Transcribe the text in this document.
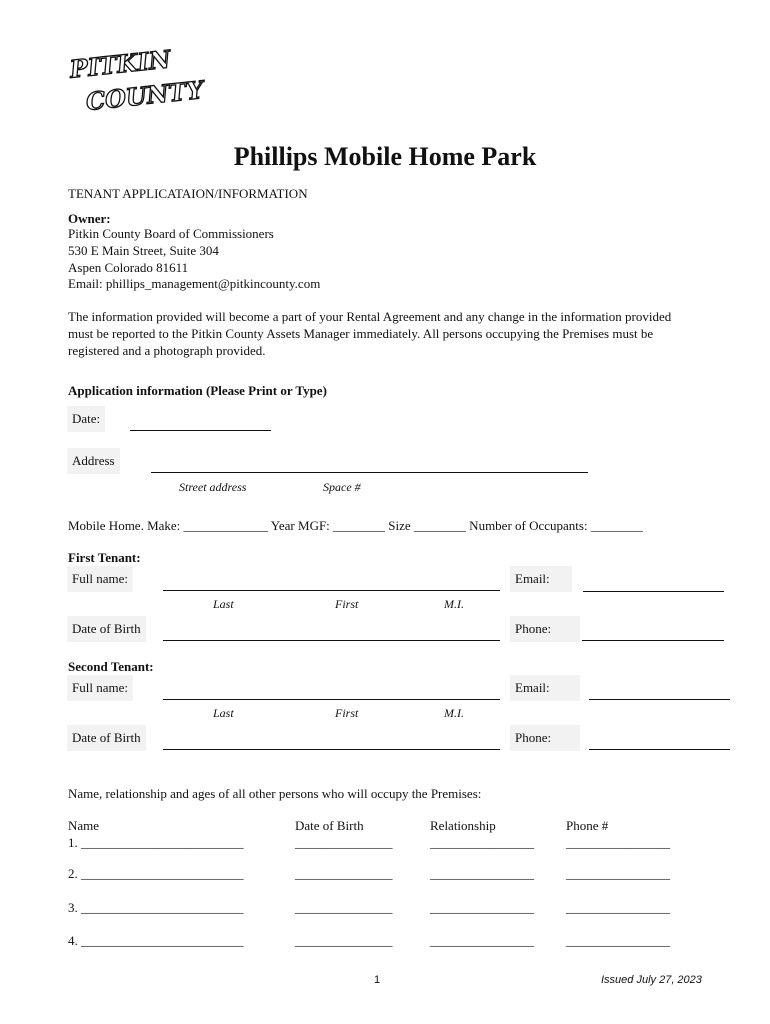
PITKIN
COUNTY
Phillips Mobile Home Park
TENANT APPLICATAION/INFORMATION
Owner:
Pitkin County Board of Commissioners
530 E Main Street, Suite 304
Aspen Colorado 81611
Email: phillips_management@pitkincounty.com
The information provided will become a part of your Rental Agreement and any change in the information provided must be reported to the Pitkin County Assets Manager immediately. All persons occupying the Premises must be registered and a photograph provided.
Application information (Please Print or Type)
Date:
Address
Street address	Space #
Mobile Home. Make: _____________ Year MGF: ________ Size ________ Number of Occupants: ________
First Tenant:
Full name:	Email:
Last	First	M.I.
Date of Birth	Phone:
Second Tenant:
Full name:	Email:
Last	First	M.I.
Date of Birth	Phone:
Name, relationship and ages of all other persons who will occupy the Premises:
Name	Date of Birth	Relationship	Phone #
1. _________________________	_______________	________________ ________________
2. _________________________	_______________	________________ ________________
3. _________________________	_______________	________________ ________________
4. _________________________	_______________	________________ ________________
1	Issued July 27, 2023
